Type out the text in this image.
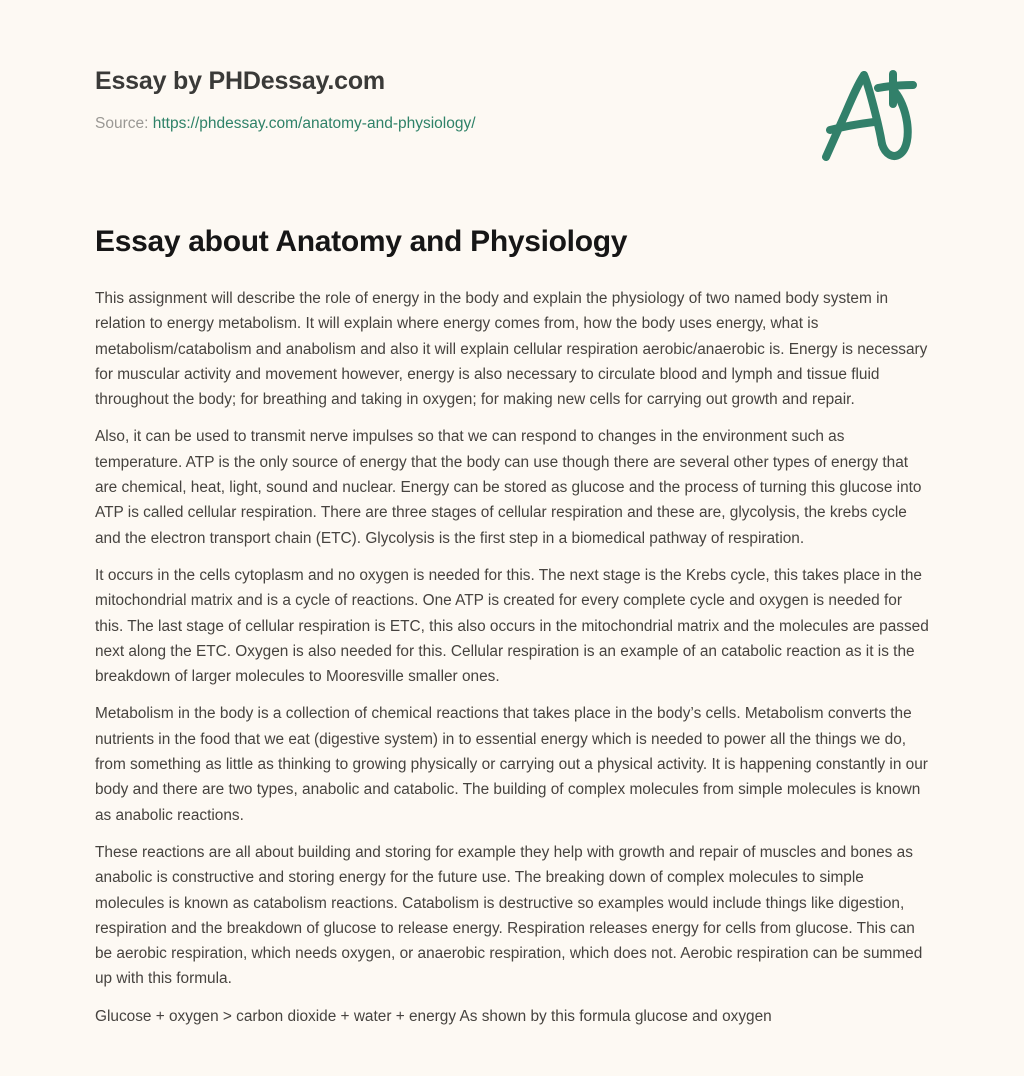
Essay by PHDessay.com
Source: https://phdessay.com/anatomy-and-physiology/
Essay about Anatomy and Physiology

This assignment will describe the role of energy in the body and explain the physiology of two named body system in relation to energy metabolism. It will explain where energy comes from, how the body uses energy, what is metabolism/catabolism and anabolism and also it will explain cellular respiration aerobic/anaerobic is. Energy is necessary for muscular activity and movement however, energy is also necessary to circulate blood and lymph and tissue fluid throughout the body; for breathing and taking in oxygen; for making new cells for carrying out growth and repair.

Also, it can be used to transmit nerve impulses so that we can respond to changes in the environment such as temperature. ATP is the only source of energy that the body can use though there are several other types of energy that are chemical, heat, light, sound and nuclear. Energy can be stored as glucose and the process of turning this glucose into ATP is called cellular respiration. There are three stages of cellular respiration and these are, glycolysis, the krebs cycle and the electron transport chain (ETC). Glycolysis is the first step in a biomedical pathway of respiration.

It occurs in the cells cytoplasm and no oxygen is needed for this. The next stage is the Krebs cycle, this takes place in the mitochondrial matrix and is a cycle of reactions. One ATP is created for every complete cycle and oxygen is needed for this. The last stage of cellular respiration is ETC, this also occurs in the mitochondrial matrix and the molecules are passed next along the ETC. Oxygen is also needed for this. Cellular respiration is an example of an catabolic reaction as it is the breakdown of larger molecules to Mooresville smaller ones.

Metabolism in the body is a collection of chemical reactions that takes place in the body’s cells. Metabolism converts the nutrients in the food that we eat (digestive system) in to essential energy which is needed to power all the things we do, from something as little as thinking to growing physically or carrying out a physical activity. It is happening constantly in our body and there are two types, anabolic and catabolic. The building of complex molecules from simple molecules is known as anabolic reactions.

These reactions are all about building and storing for example they help with growth and repair of muscles and bones as anabolic is constructive and storing energy for the future use. The breaking down of complex molecules to simple molecules is known as catabolism reactions. Catabolism is destructive so examples would include things like digestion, respiration and the breakdown of glucose to release energy. Respiration releases energy for cells from glucose. This can be aerobic respiration, which needs oxygen, or anaerobic respiration, which does not. Aerobic respiration can be summed up with this formula.

Glucose + oxygen > carbon dioxide + water + energy As shown by this formula glucose and oxygen
